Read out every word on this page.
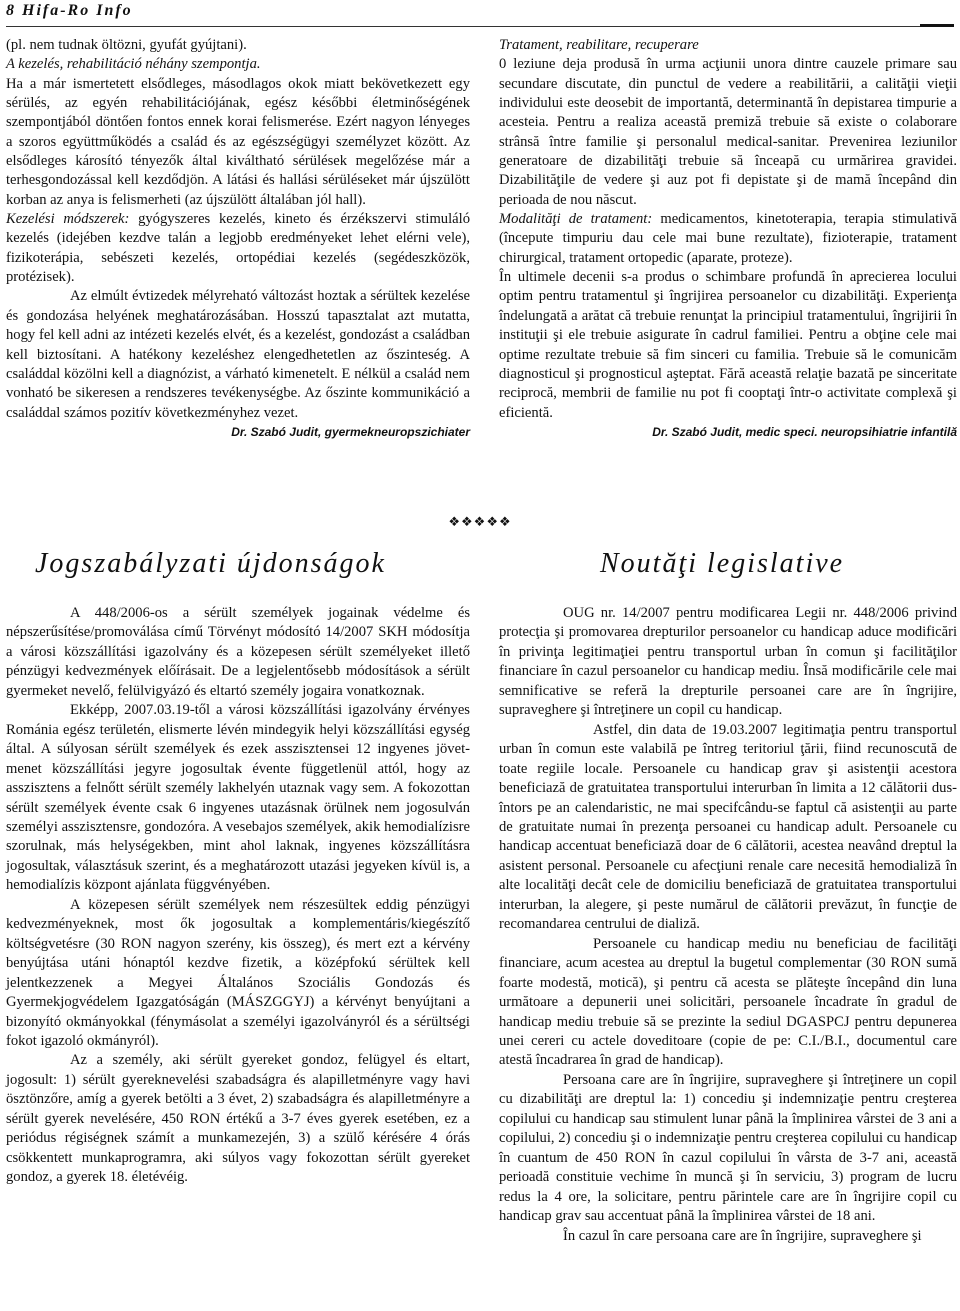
8 Hifa-Ro Info

(pl. nem tudnak öltözni, gyufát gyújtani).

A kezelés, rehabilitáció néhány szempontja.

Ha a már ismertetett elsődleges, másodlagos okok miatt bekövetkezett egy sérülés, az egyén rehabilitációjának, egész későbbi életminőségének szempontjából döntően fontos ennek korai felismerése. Ezért nagyon lényeges a szoros együttműködés a család és az egészségügyi személyzet között. Az elsődleges károsító tényezők által kiváltható sérülések megelőzése már a terhesgondozással kell kezdődjön. A látási és hallási sérüléseket már újszülött korban az anya is felismerheti (az újszülött általában jól hall).

Kezelési módszerek: gyógyszeres kezelés, kineto és érzékszervi stimuláló kezelés (idejében kezdve talán a legjobb eredményeket lehet elérni vele), fizikoterápia, sebészeti kezelés, ortopédiai kezelés (segédeszközök, protézisek).

Az elmúlt évtizedek mélyreható változást hoztak a sérültek kezelése és gondozása helyének meghatározásában. Hosszú tapasztalat azt mutatta, hogy fel kell adni az intézeti kezelés elvét, és a kezelést, gondozást a családban kell biztosítani. A hatékony kezeléshez elengedhetetlen az őszinteség. A családdal közölni kell a diagnózist, a várható kimenetelt. E nélkül a család nem vonható be sikeresen a rendszeres tevékenységbe. Az őszinte kommunikáció a családdal számos pozitív következményhez vezet.

Dr. Szabó Judit, gyermekneuropszichiater

Tratament, reabilitare, recuperare

0 leziune deja produsă în urma acţiunii unora dintre cauzele primare sau secundare discutate, din punctul de vedere a reabilitării, a calităţii vieţii individului este deosebit de importantă, determinantă în depistarea timpurie a acesteia. Pentru a realiza această premiză trebuie să existe o colaborare strânsă între familie şi personalul medical-sanitar. Prevenirea leziunilor generatoare de dizabilităţi trebuie să înceapă cu urmărirea gravidei. Dizabilităţile de vedere şi auz pot fi depistate şi de mamă începând din perioada de nou născut.

Modalităţi de tratament: medicamentos, kinetoterapia, terapia stimulativă (începute timpuriu dau cele mai bune rezultate), fizioterapie, tratament chirurgical, tratament ortopedic (aparate, proteze).

În ultimele decenii s-a produs o schimbare profundă în aprecierea locului optim pentru tratamentul şi îngrijirea persoanelor cu dizabilităţi. Experienţa îndelungată a arătat că trebuie renunţat la principiul tratamentului, îngrijirii în instituţii şi ele trebuie asigurate în cadrul familiei. Pentru a obţine cele mai optime rezultate trebuie să fim sinceri cu familia. Trebuie să le comunicăm diagnosticul şi prognosticul aşteptat. Fără această relaţie bazată pe sinceritate reciprocă, membrii de familie nu pot fi cooptaţi într-o activitate complexă şi eficientă.

Dr. Szabó Judit, medic speci. neuropsihiatrie infantilă
❖❖❖❖❖
Jogszabályzati újdonságok	Noutăţi legislative

A 448/2006-os a sérült személyek jogainak védelme és népszerűsítése/promoválása című Törvényt módosító 14/2007 SKH módosítja a városi közszállítási igazolvány és a közepesen sérült személyeket illető pénzügyi kedvezmények előírásait. De a legjelentősebb módosítások a sérült gyermeket nevelő, felülvigyázó és eltartó személy jogaira vonatkoznak.

Ekképp, 2007.03.19-től a városi közszállítási igazolvány érvényes Románia egész területén, elismerte lévén mindegyik helyi közszállítási egység által. A súlyosan sérült személyek és ezek asszisztensei 12 ingyenes jövet-menet közszállítási jegyre jogosultak évente függetlenül attól, hogy az asszisztens a felnőtt sérült személy lakhelyén utaznak vagy sem. A fokozottan sérült személyek évente csak 6 ingyenes utazásnak örülnek nem jogosulván személyi asszisztensre, gondozóra. A vesebajos személyek, akik hemodialízisre szorulnak, más helységekben, mint ahol laknak, ingyenes közszállításra jogosultak, választásuk szerint, és a meghatározott utazási jegyeken kívül is, a hemodialízis központ ajánlata függvényében.

A közepesen sérült személyek nem részesültek eddig pénzügyi kedvezményeknek, most ők jogosultak a komplementáris/kiegészítő költségvetésre (30 RON nagyon szerény, kis összeg), és mert ezt a kérvény benyújtása utáni hónaptól kezdve fizetik, a középfokú sérültek kell jelentkezzenek a Megyei Általános Szociális Gondozás és Gyermekjogvédelem Igazgatóságán (MÁSZGGYJ) a kérvényt benyújtani a bizonyító okmányokkal (fénymásolat a személyi igazolványról és a sérültségi fokot igazoló okmányról).

Az a személy, aki sérült gyereket gondoz, felügyel és eltart, jogosult: 1) sérült gyereknevelési szabadságra és alapilletményre vagy havi ösztönzőre, amíg a gyerek betölti a 3 évet, 2) szabadságra és alapilletményre a sérült gyerek nevelésére, 450 RON értékű a 3-7 éves gyerek esetében, ez a periódus régiségnek számít a munkamezején, 3) a szülő kérésére 4 órás csökkentett munkaprogramra, aki súlyos vagy fokozottan sérült gyereket gondoz, a gyerek 18. életévéig.

OUG nr. 14/2007 pentru modificarea Legii nr. 448/2006 privind protecţia şi promovarea drepturilor persoanelor cu handicap aduce modificări în privinţa legitimaţiei pentru transportul urban în comun şi facilităţilor financiare în cazul persoanelor cu handicap mediu. Însă modificările cele mai semnificative se referă la drepturile persoanei care are în îngrijire, supraveghere şi întreţinere un copil cu handicap.

Astfel, din data de 19.03.2007 legitimaţia pentru transportul urban în comun este valabilă pe întreg teritoriul ţării, fiind recunoscută de toate regiile locale. Persoanele cu handicap grav şi asistenţii acestora beneficiază de gratuitatea transportului interurban în limita a 12 călătorii dus-întors pe an calendaristic, ne mai specifcându-se faptul că asistenţii au parte de gratuitate numai în prezenţa persoanei cu handicap adult. Persoanele cu handicap accentuat beneficiază doar de 6 călătorii, acestea neavând dreptul la asistent personal. Persoanele cu afecţiuni renale care necesită hemodializă în alte localităţi decât cele de domiciliu beneficiază de gratuitatea transportului interurban, la alegere, şi peste numărul de călătorii prevăzut, în funcţie de recomandarea centrului de dializă.

Persoanele cu handicap mediu nu beneficiau de facilităţi financiare, acum acestea au dreptul la bugetul complementar (30 RON sumă foarte modestă, motică), şi pentru că acesta se plăteşte începând din luna următoare a depunerii unei solicitări, persoanele încadrate în gradul de handicap mediu trebuie să se prezinte la sediul DGASPCJ pentru depunerea unei cereri cu actele doveditoare (copie de pe: C.I./B.I., documentul care atestă încadrarea în grad de handicap).

Persoana care are în îngrijire, supraveghere şi întreţinere un copil cu dizabilităţi are dreptul la: 1) concediu şi indemnizaţie pentru creşterea copilului cu handicap sau stimulent lunar până la împlinirea vârstei de 3 ani a copilului, 2) concediu şi o indemnizaţie pentru creşterea copilului cu handicap în cuantum de 450 RON în cazul copilului în vârsta de 3-7 ani, această perioadă constituie vechime în muncă şi în serviciu, 3) program de lucru redus la 4 ore, la solicitare, pentru părintele care are în îngrijire copil cu handicap grav sau accentuat până la împlinirea vârstei de 18 ani.

În cazul în care persoana care are în îngrijire, supraveghere şi
